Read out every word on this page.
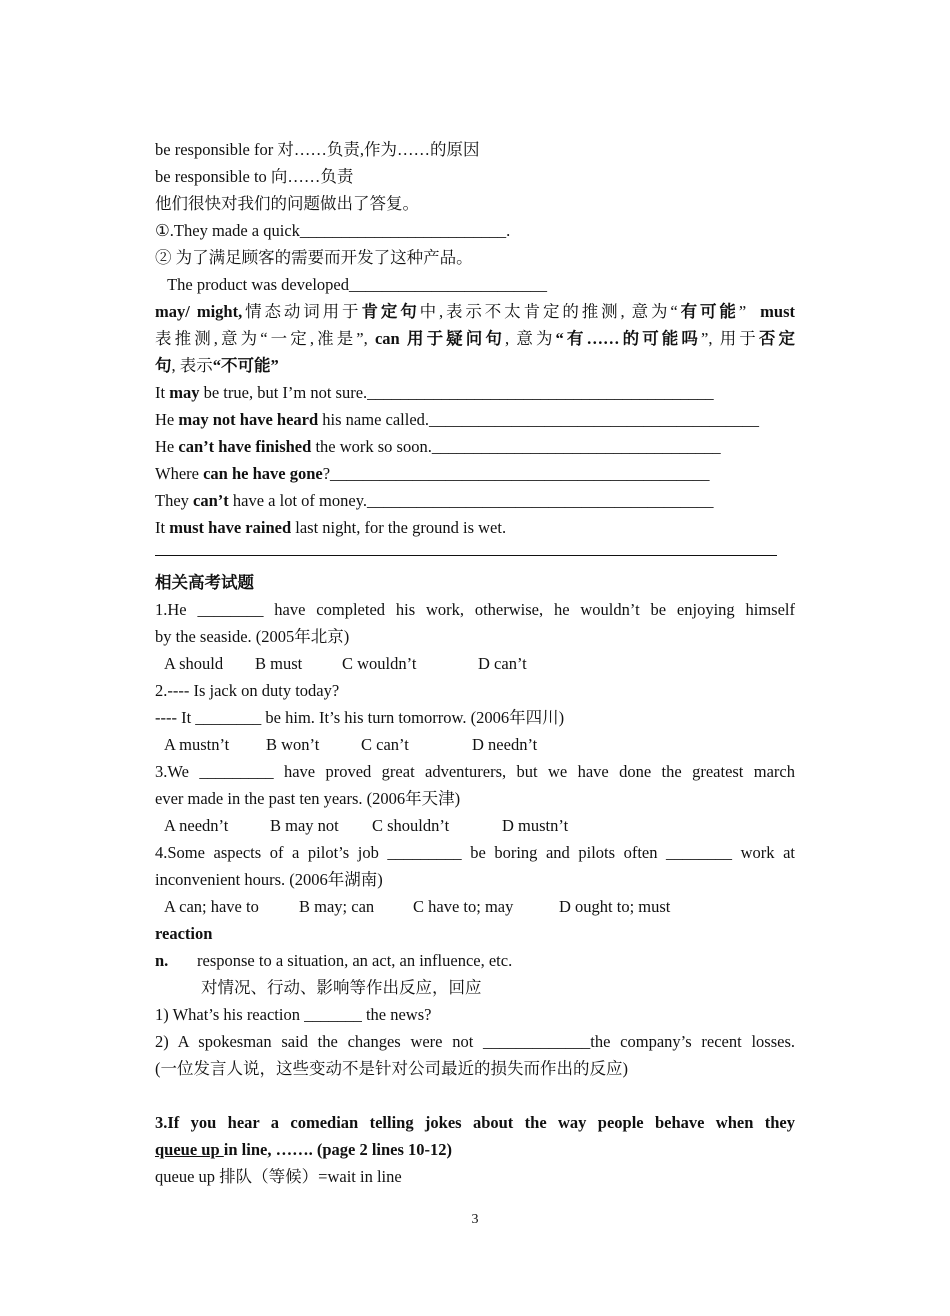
be responsible for 对……负责,作为……的原因
be responsible to 向……负责
他们很快对我们的问题做出了答复。
①.They made a quick_________________________.
② 为了满足顾客的需要而开发了这种产品。
The product was developed________________________
may/ might,情态动词用于肯定句中,表示不太肯定的推测, 意为“有可能”  must
表推测,意为“一定,准是”, can 用于疑问句, 意为“有……的可能吗”, 用于否定
句, 表示“不可能”
It may be true, but I’m not sure.__________________________________________
He may not have heard his name called.________________________________________
He can’t have finished the work so soon.___________________________________
Where can he have gone?______________________________________________
They can’t have a lot of money.__________________________________________
It must have rained last night, for the ground is wet.
相关高考试题
1.He ________ have completed his work, otherwise, he wouldn’t be enjoying himself
by the seaside. (2005年北京)
A should B must C wouldn’t	D can’t
2.---- Is jack on duty today?
---- It ________ be him. It’s his turn tomorrow. (2006年四川)
A mustn’t B won’t	C can’t	D needn’t
3.We _________ have proved great adventurers, but we have done the greatest march
ever made in the past ten years. (2006年天津)
A needn’t	B may not C shouldn’t	D mustn’t
4.Some aspects of a pilot’s job _________ be boring and pilots often ________ work at
inconvenient hours. (2006年湖南)
A can; have to B may; can C have to; may	D ought to; must
reaction
n. response to a situation, an act, an influence, etc.
对情况、行动、影响等作出反应，回应
1) What’s his reaction _______ the news?
2) A spokesman said the changes were not _____________the company’s recent losses.
(一位发言人说，这些变动不是针对公司最近的损失而作出的反应)
3.If you hear a comedian telling jokes about the way people behave when they
queue up in line, ……. (page 2 lines 10-12)
queue up 排队（等候）=wait in line
3
